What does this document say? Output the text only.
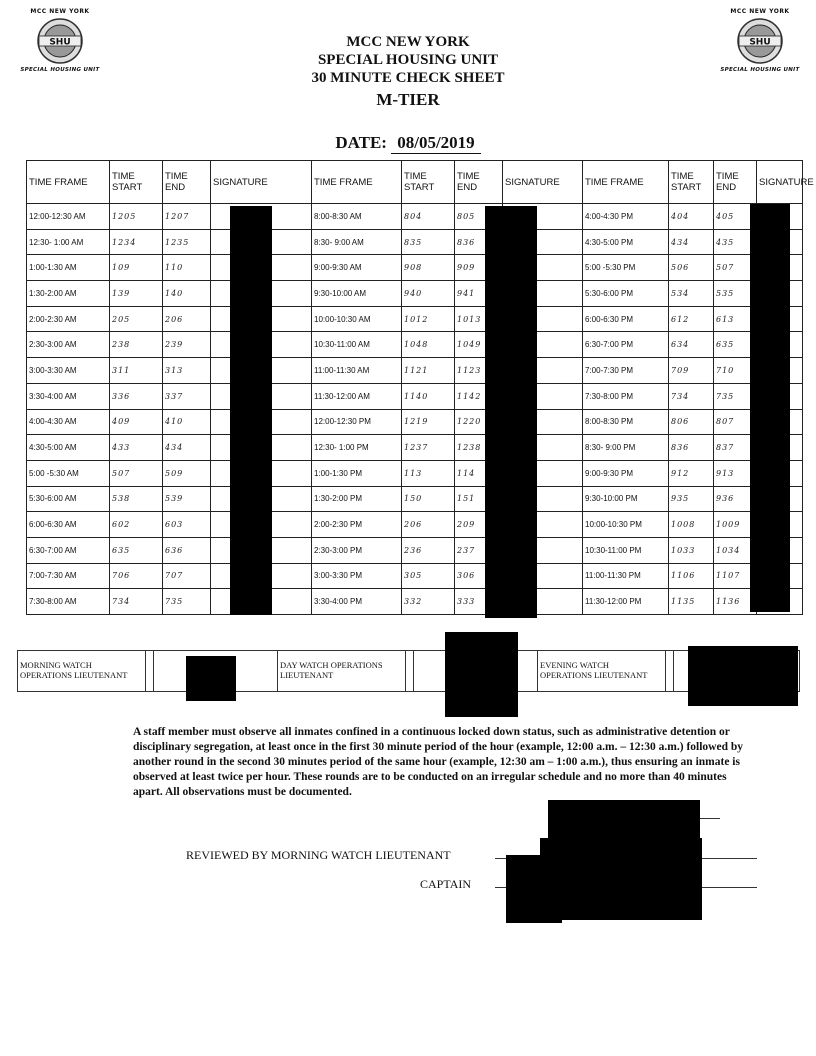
MCC NEW YORK
SHU
SPECIAL HOUSING UNIT
MCC NEW YORK
SHU
SPECIAL HOUSING UNIT
MCC NEW YORK
SPECIAL HOUSING UNIT
30 MINUTE CHECK SHEET
M-TIER
DATE: 08/05/2019
TIME FRAME	TIME START	TIME END	SIGNATURE	TIME FRAME	TIME START	TIME END	SIGNATURE	TIME FRAME	TIME START	TIME END	SIGNATURE
12:00-12:30 AM	1205	1207		8:00-8:30 AM	804	805		4:00-4:30 PM	404	405	
12:30- 1:00 AM	1234	1235		8:30- 9:00 AM	835	836		4:30-5:00 PM	434	435	
1:00-1:30 AM	109	110		9:00-9:30 AM	908	909		5:00 -5:30 PM	506	507	
1:30-2:00 AM	139	140		9:30-10:00 AM	940	941		5:30-6:00 PM	534	535	
2:00-2:30 AM	205	206		10:00-10:30 AM	1012	1013		6:00-6:30 PM	612	613	
2:30-3:00 AM	238	239		10:30-11:00 AM	1048	1049		6:30-7:00 PM	634	635	
3:00-3:30 AM	311	313		11:00-11:30 AM	1121	1123		7:00-7:30 PM	709	710	
3:30-4:00 AM	336	337		11:30-12:00 AM	1140	1142		7:30-8:00 PM	734	735	
4:00-4:30 AM	409	410		12:00-12:30 PM	1219	1220		8:00-8:30 PM	806	807	
4:30-5:00 AM	433	434		12:30- 1:00 PM	1237	1238		8:30- 9:00 PM	836	837	
5:00 -5:30 AM	507	509		1:00-1:30 PM	113	114		9:00-9:30 PM	912	913	
5:30-6:00 AM	538	539		1:30-2:00 PM	150	151		9:30-10:00 PM	935	936	
6:00-6:30 AM	602	603		2:00-2:30 PM	206	209		10:00-10:30 PM	1008	1009	
6:30-7:00 AM	635	636		2:30-3:00 PM	236	237		10:30-11:00 PM	1033	1034	
7:00-7:30 AM	706	707		3:00-3:30 PM	305	306		11:00-11:30 PM	1106	1107	
7:30-8:00 AM	734	735		3:30-4:00 PM	332	333		11:30-12:00 PM	1135	1136	
MORNING WATCH OPERATIONS LIEUTENANT			DAY WATCH OPERATIONS LIEUTENANT			EVENING WATCH OPERATIONS LIEUTENANT		
A staff member must observe all inmates confined in a continuous locked down status, such as administrative detention or disciplinary segregation, at least once in the first 30 minute period of the hour (example, 12:00 a.m. – 12:30 a.m.) followed by another round in the second 30 minutes period of the same hour (example, 12:30 am – 1:00 a.m.), thus ensuring an inmate is observed at least twice per hour. These rounds are to be conducted on an irregular schedule and no more than 40 minutes apart. All observations must be documented.
REVIEWED BY MORNING WATCH LIEUTENANT
CAPTAIN
